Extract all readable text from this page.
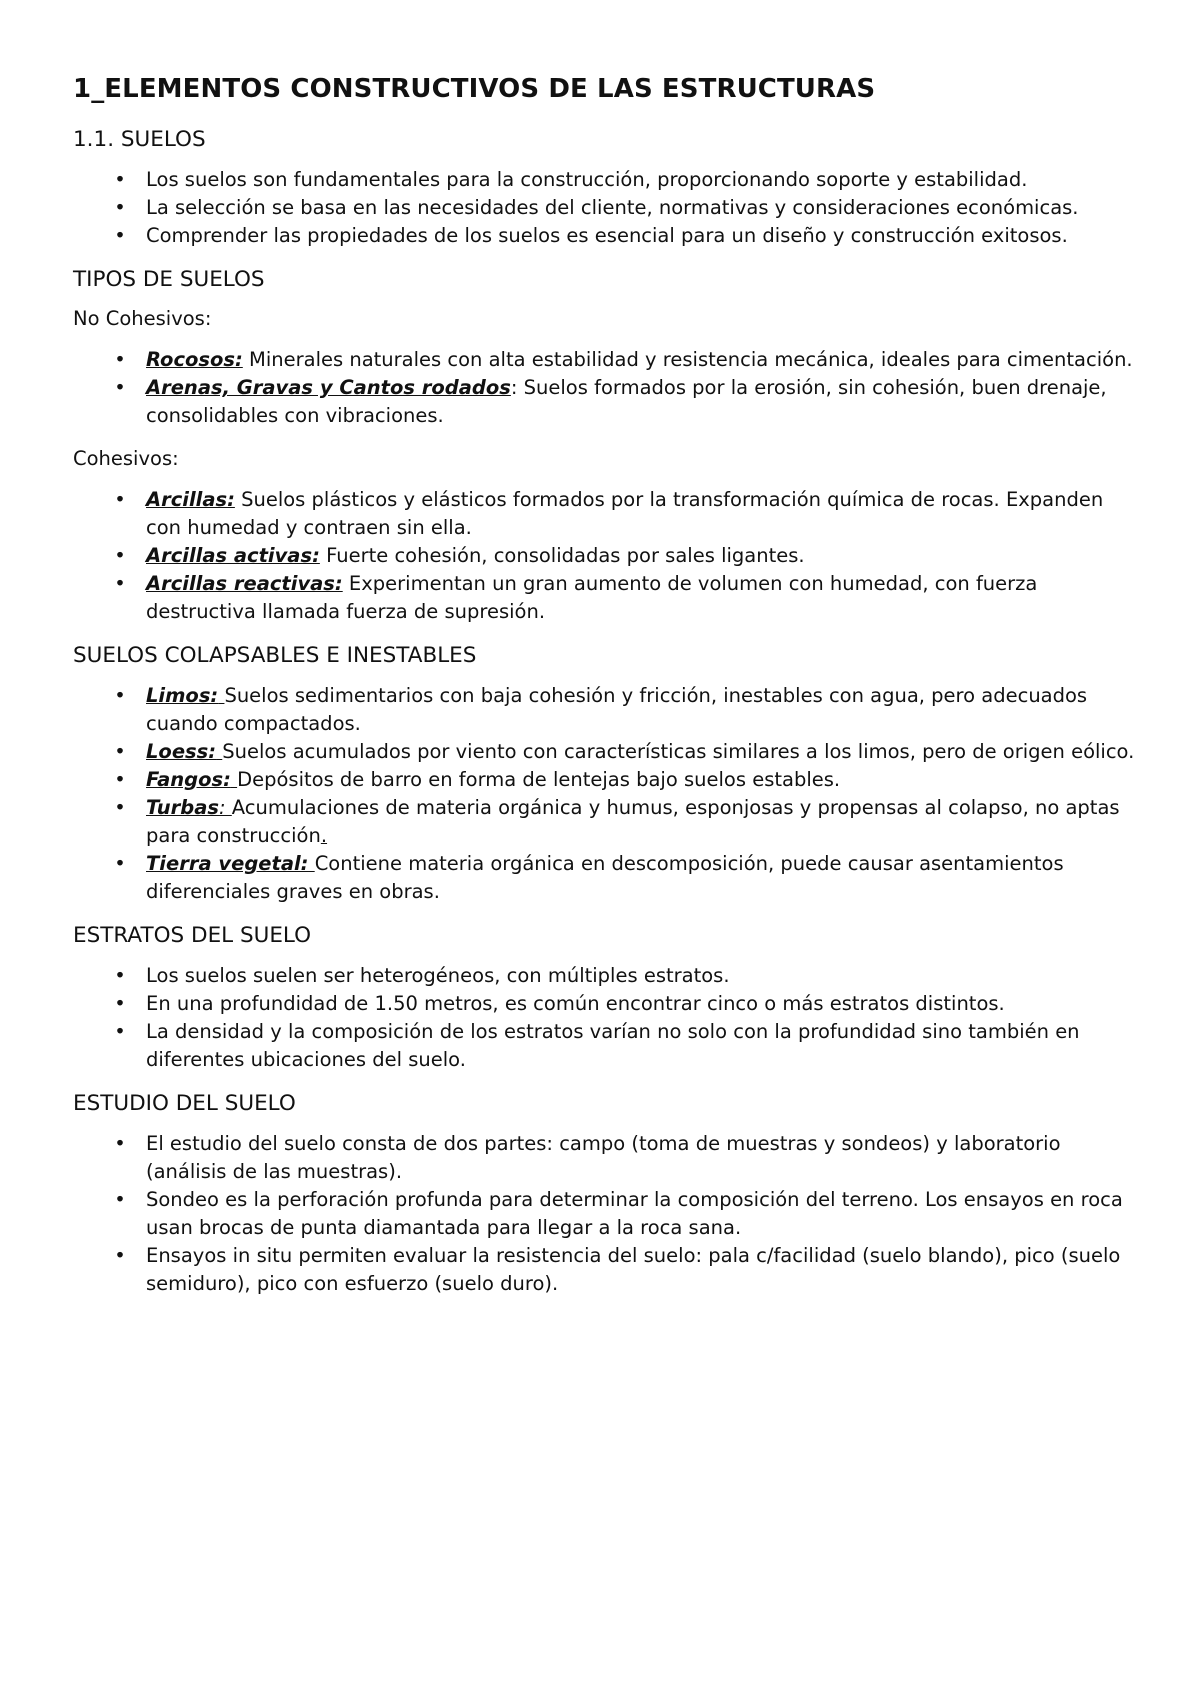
1_ELEMENTOS CONSTRUCTIVOS DE LAS ESTRUCTURAS
1.1. SUELOS
• Los suelos son fundamentales para la construcción, proporcionando soporte y estabilidad.
• La selección se basa en las necesidades del cliente, normativas y consideraciones económicas.
• Comprender las propiedades de los suelos es esencial para un diseño y construcción exitosos.
TIPOS DE SUELOS

No Cohesivos:

• Rocosos: Minerales naturales con alta estabilidad y resistencia mecánica, ideales para cimentación.
• Arenas, Gravas y Cantos rodados: Suelos formados por la erosión, sin cohesión, buen drenaje, consolidables con vibraciones.

Cohesivos:

• Arcillas: Suelos plásticos y elásticos formados por la transformación química de rocas. Expanden con humedad y contraen sin ella.
• Arcillas activas: Fuerte cohesión, consolidadas por sales ligantes.
• Arcillas reactivas: Experimentan un gran aumento de volumen con humedad, con fuerza destructiva llamada fuerza de supresión.
SUELOS COLAPSABLES E INESTABLES
• Limos: Suelos sedimentarios con baja cohesión y fricción, inestables con agua, pero adecuados cuando compactados.
• Loess: Suelos acumulados por viento con características similares a los limos, pero de origen eólico.
• Fangos: Depósitos de barro en forma de lentejas bajo suelos estables.
• Turbas: Acumulaciones de materia orgánica y humus, esponjosas y propensas al colapso, no aptas para construcción.
• Tierra vegetal: Contiene materia orgánica en descomposición, puede causar asentamientos diferenciales graves en obras.
ESTRATOS DEL SUELO
• Los suelos suelen ser heterogéneos, con múltiples estratos.
• En una profundidad de 1.50 metros, es común encontrar cinco o más estratos distintos.
• La densidad y la composición de los estratos varían no solo con la profundidad sino también en diferentes ubicaciones del suelo.
ESTUDIO DEL SUELO
• El estudio del suelo consta de dos partes: campo (toma de muestras y sondeos) y laboratorio (análisis de las muestras).
• Sondeo es la perforación profunda para determinar la composición del terreno. Los ensayos en roca usan brocas de punta diamantada para llegar a la roca sana.
• Ensayos in situ permiten evaluar la resistencia del suelo: pala c/facilidad (suelo blando), pico (suelo semiduro), pico con esfuerzo (suelo duro).
